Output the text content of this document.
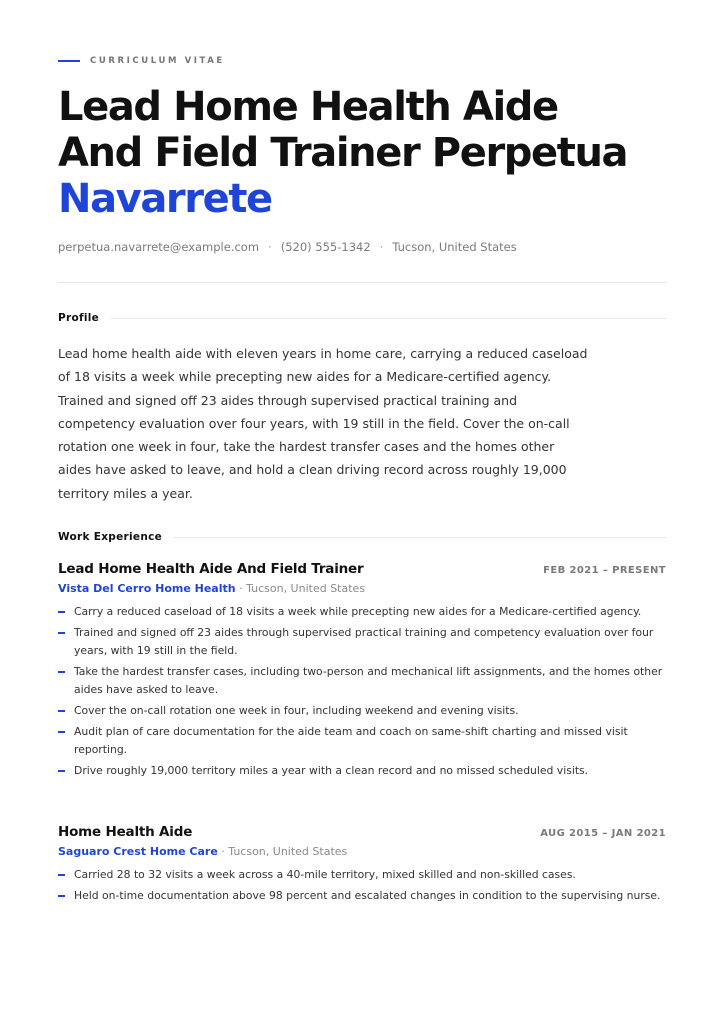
CURRICULUM VITAE
Lead Home Health Aide
And Field Trainer Perpetua
Navarrete
perpetua.navarrete@example.com · (520) 555-1342 · Tucson, United States
Profile

Lead home health aide with eleven years in home care, carrying a reduced caseload of 18 visits a week while precepting new aides for a Medicare-certified agency. Trained and signed off 23 aides through supervised practical training and competency evaluation over four years, with 19 still in the field. Cover the on-call rotation one week in four, take the hardest transfer cases and the homes other aides have asked to leave, and hold a clean driving record across roughly 19,000 territory miles a year.

Work Experience
Lead Home Health Aide And Field Trainer	FEB 2021 – PRESENT
Vista Del Cerro Home Health · Tucson, United States
Carry a reduced caseload of 18 visits a week while precepting new aides for a Medicare-certified agency.
Trained and signed off 23 aides through supervised practical training and competency evaluation over four years, with 19 still in the field.
Take the hardest transfer cases, including two-person and mechanical lift assignments, and the homes other aides have asked to leave.
Cover the on-call rotation one week in four, including weekend and evening visits.
Audit plan of care documentation for the aide team and coach on same-shift charting and missed visit reporting.
Drive roughly 19,000 territory miles a year with a clean record and no missed scheduled visits.
Home Health Aide	AUG 2015 – JAN 2021
Saguaro Crest Home Care · Tucson, United States
Carried 28 to 32 visits a week across a 40-mile territory, mixed skilled and non-skilled cases.
Held on-time documentation above 98 percent and escalated changes in condition to the supervising nurse.
